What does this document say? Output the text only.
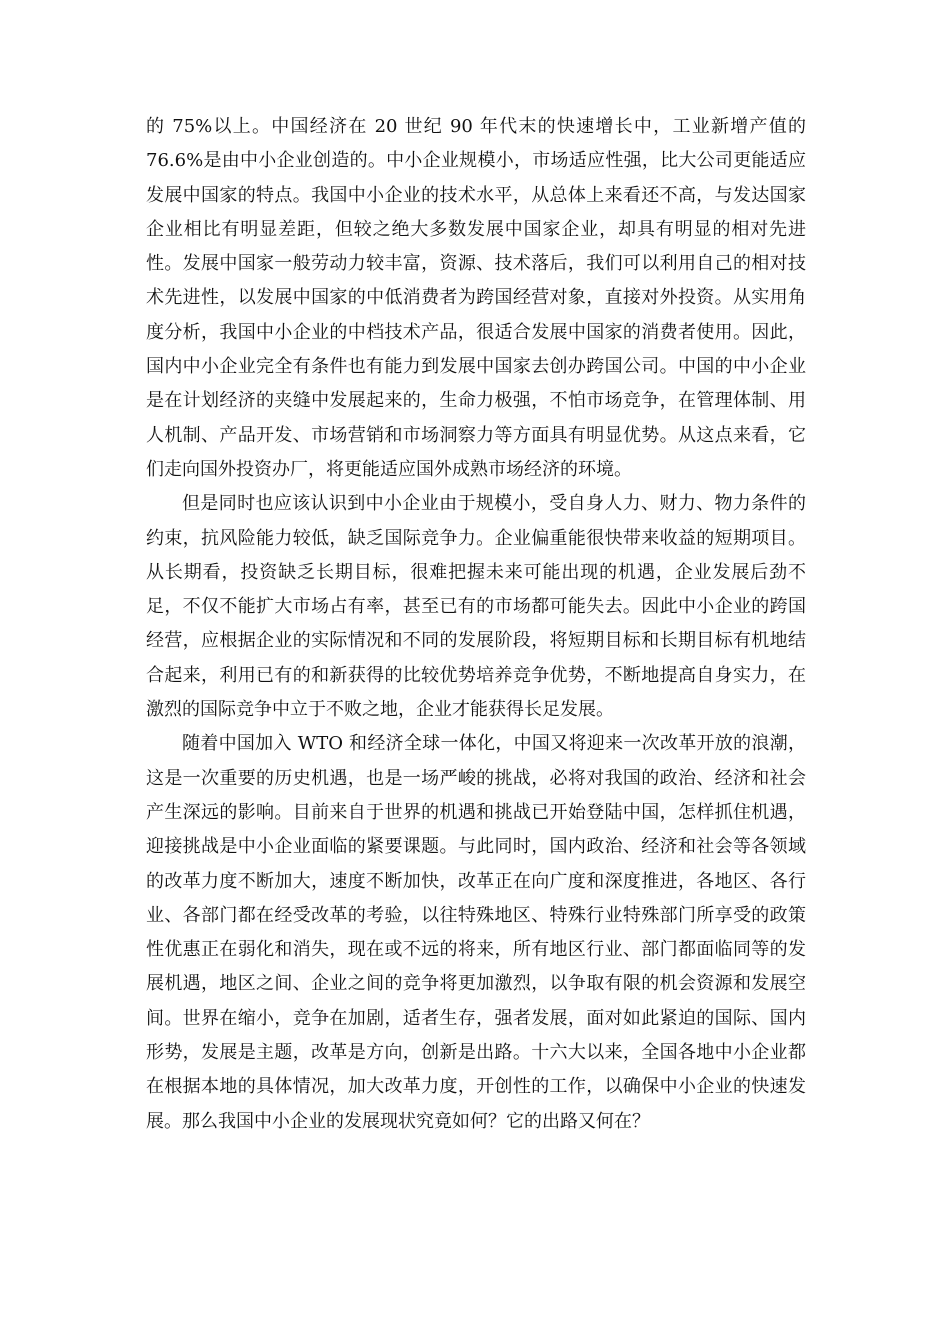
的 75%以上。中国经济在 20 世纪 90 年代末的快速增长中，工业新增产值的 76.6%是由中小企业创造的。中小企业规模小，市场适应性强，比大公司更能适应发展中国家的特点。我国中小企业的技术水平，从总体上来看还不高，与发达国家企业相比有明显差距，但较之绝大多数发展中国家企业，却具有明显的相对先进性。发展中国家一般劳动力较丰富，资源、技术落后，我们可以利用自己的相对技术先进性，以发展中国家的中低消费者为跨国经营对象，直接对外投资。从实用角度分析，我国中小企业的中档技术产品，很适合发展中国家的消费者使用。因此，国内中小企业完全有条件也有能力到发展中国家去创办跨国公司。中国的中小企业是在计划经济的夹缝中发展起来的，生命力极强，不怕市场竞争，在管理体制、用人机制、产品开发、市场营销和市场洞察力等方面具有明显优势。从这点来看，它们走向国外投资办厂，将更能适应国外成熟市场经济的环境。

但是同时也应该认识到中小企业由于规模小，受自身人力、财力、物力条件的约束，抗风险能力较低，缺乏国际竞争力。企业偏重能很快带来收益的短期项目。从长期看，投资缺乏长期目标，很难把握未来可能出现的机遇，企业发展后劲不足，不仅不能扩大市场占有率，甚至已有的市场都可能失去。因此中小企业的跨国经营，应根据企业的实际情况和不同的发展阶段，将短期目标和长期目标有机地结合起来，利用已有的和新获得的比较优势培养竞争优势，不断地提高自身实力，在激烈的国际竞争中立于不败之地，企业才能获得长足发展。

随着中国加入 WTO 和经济全球一体化，中国又将迎来一次改革开放的浪潮，这是一次重要的历史机遇，也是一场严峻的挑战，必将对我国的政治、经济和社会产生深远的影响。目前来自于世界的机遇和挑战已开始登陆中国，怎样抓住机遇，迎接挑战是中小企业面临的紧要课题。与此同时，国内政治、经济和社会等各领域的改革力度不断加大，速度不断加快，改革正在向广度和深度推进，各地区、各行业、各部门都在经受改革的考验，以往特殊地区、特殊行业特殊部门所享受的政策性优惠正在弱化和消失，现在或不远的将来，所有地区行业、部门都面临同等的发展机遇，地区之间、企业之间的竞争将更加激烈，以争取有限的机会资源和发展空间。世界在缩小，竞争在加剧，适者生存，强者发展，面对如此紧迫的国际、国内形势，发展是主题，改革是方向，创新是出路。十六大以来，全国各地中小企业都在根据本地的具体情况，加大改革力度，开创性的工作，以确保中小企业的快速发展。那么我国中小企业的发展现状究竟如何？它的出路又何在？
